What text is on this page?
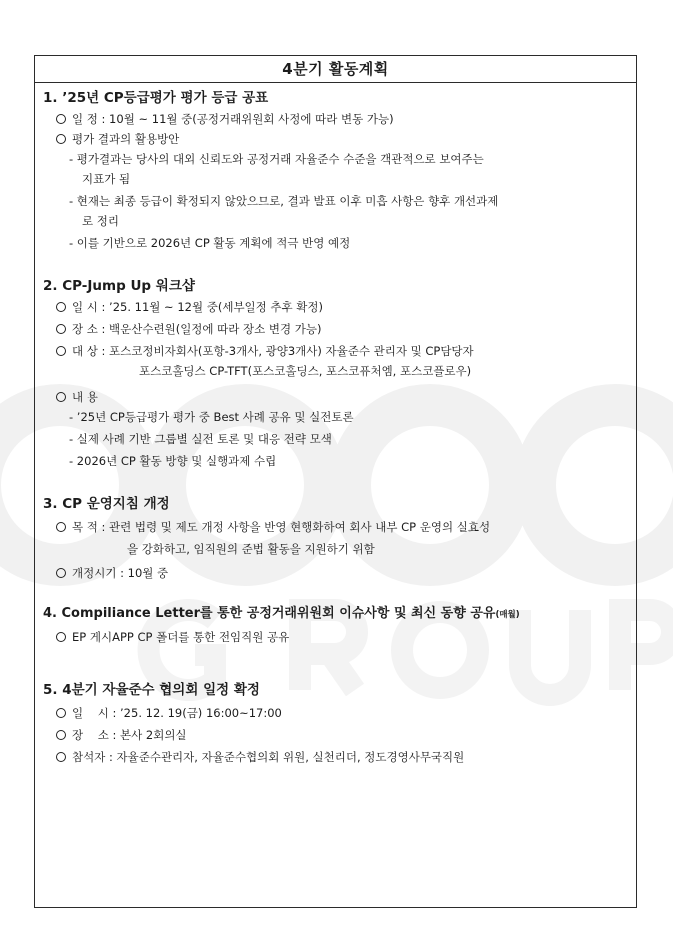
4분기 활동계획
1. ’25년 CP등급평가 평가 등급 공표
일 정 : 10월 ~ 11월 중(공정거래위원회 사정에 따라 변동 가능)
평가 결과의 활용방안
- 평가결과는 당사의 대외 신뢰도와 공정거래 자율준수 수준을 객관적으로 보여주는
지표가 됨
- 현재는 최종 등급이 확정되지 않았으므로, 결과 발표 이후 미흡 사항은 향후 개선과제
로 정리
- 이를 기반으로 2026년 CP 활동 계획에 적극 반영 예정
2. CP-Jump Up 워크샵
일 시 : ’25. 11월 ~ 12월 중(세부일정 추후 확정)
장 소 : 백운산수련원(일정에 따라 장소 변경 가능)
대 상 : 포스코정비자회사(포항-3개사, 광양3개사) 자율준수 관리자 및 CP담당자
포스코홀딩스 CP-TFT(포스코홀딩스, 포스코퓨처엠, 포스코플로우)
내 용
- ’25년 CP등급평가 평가 중 Best 사례 공유 및 실전토론
- 실제 사례 기반 그룹별 실전 토론 및 대응 전략 모색
- 2026년 CP 활동 방향 및 실행과제 수립
3. CP 운영지침 개정
목 적 : 관련 법령 및 제도 개정 사항을 반영 현행화하여 회사 내부 CP 운영의 실효성
을 강화하고, 임직원의 준법 활동을 지원하기 위함
개정시기 : 10월 중
4. Compiliance Letter를 통한 공정거래위원회 이슈사항 및 최신 동향 공유(매월)
EP 게시APP CP 폴더를 통한 전임직원 공유
5. 4분기 자율준수 협의회 일정 확정
일    시 : ’25. 12. 19(금) 16:00~17:00
장    소 : 본사 2회의실
참석자 : 자율준수관리자, 자율준수협의회 위원, 실천리더, 정도경영사무국직원
